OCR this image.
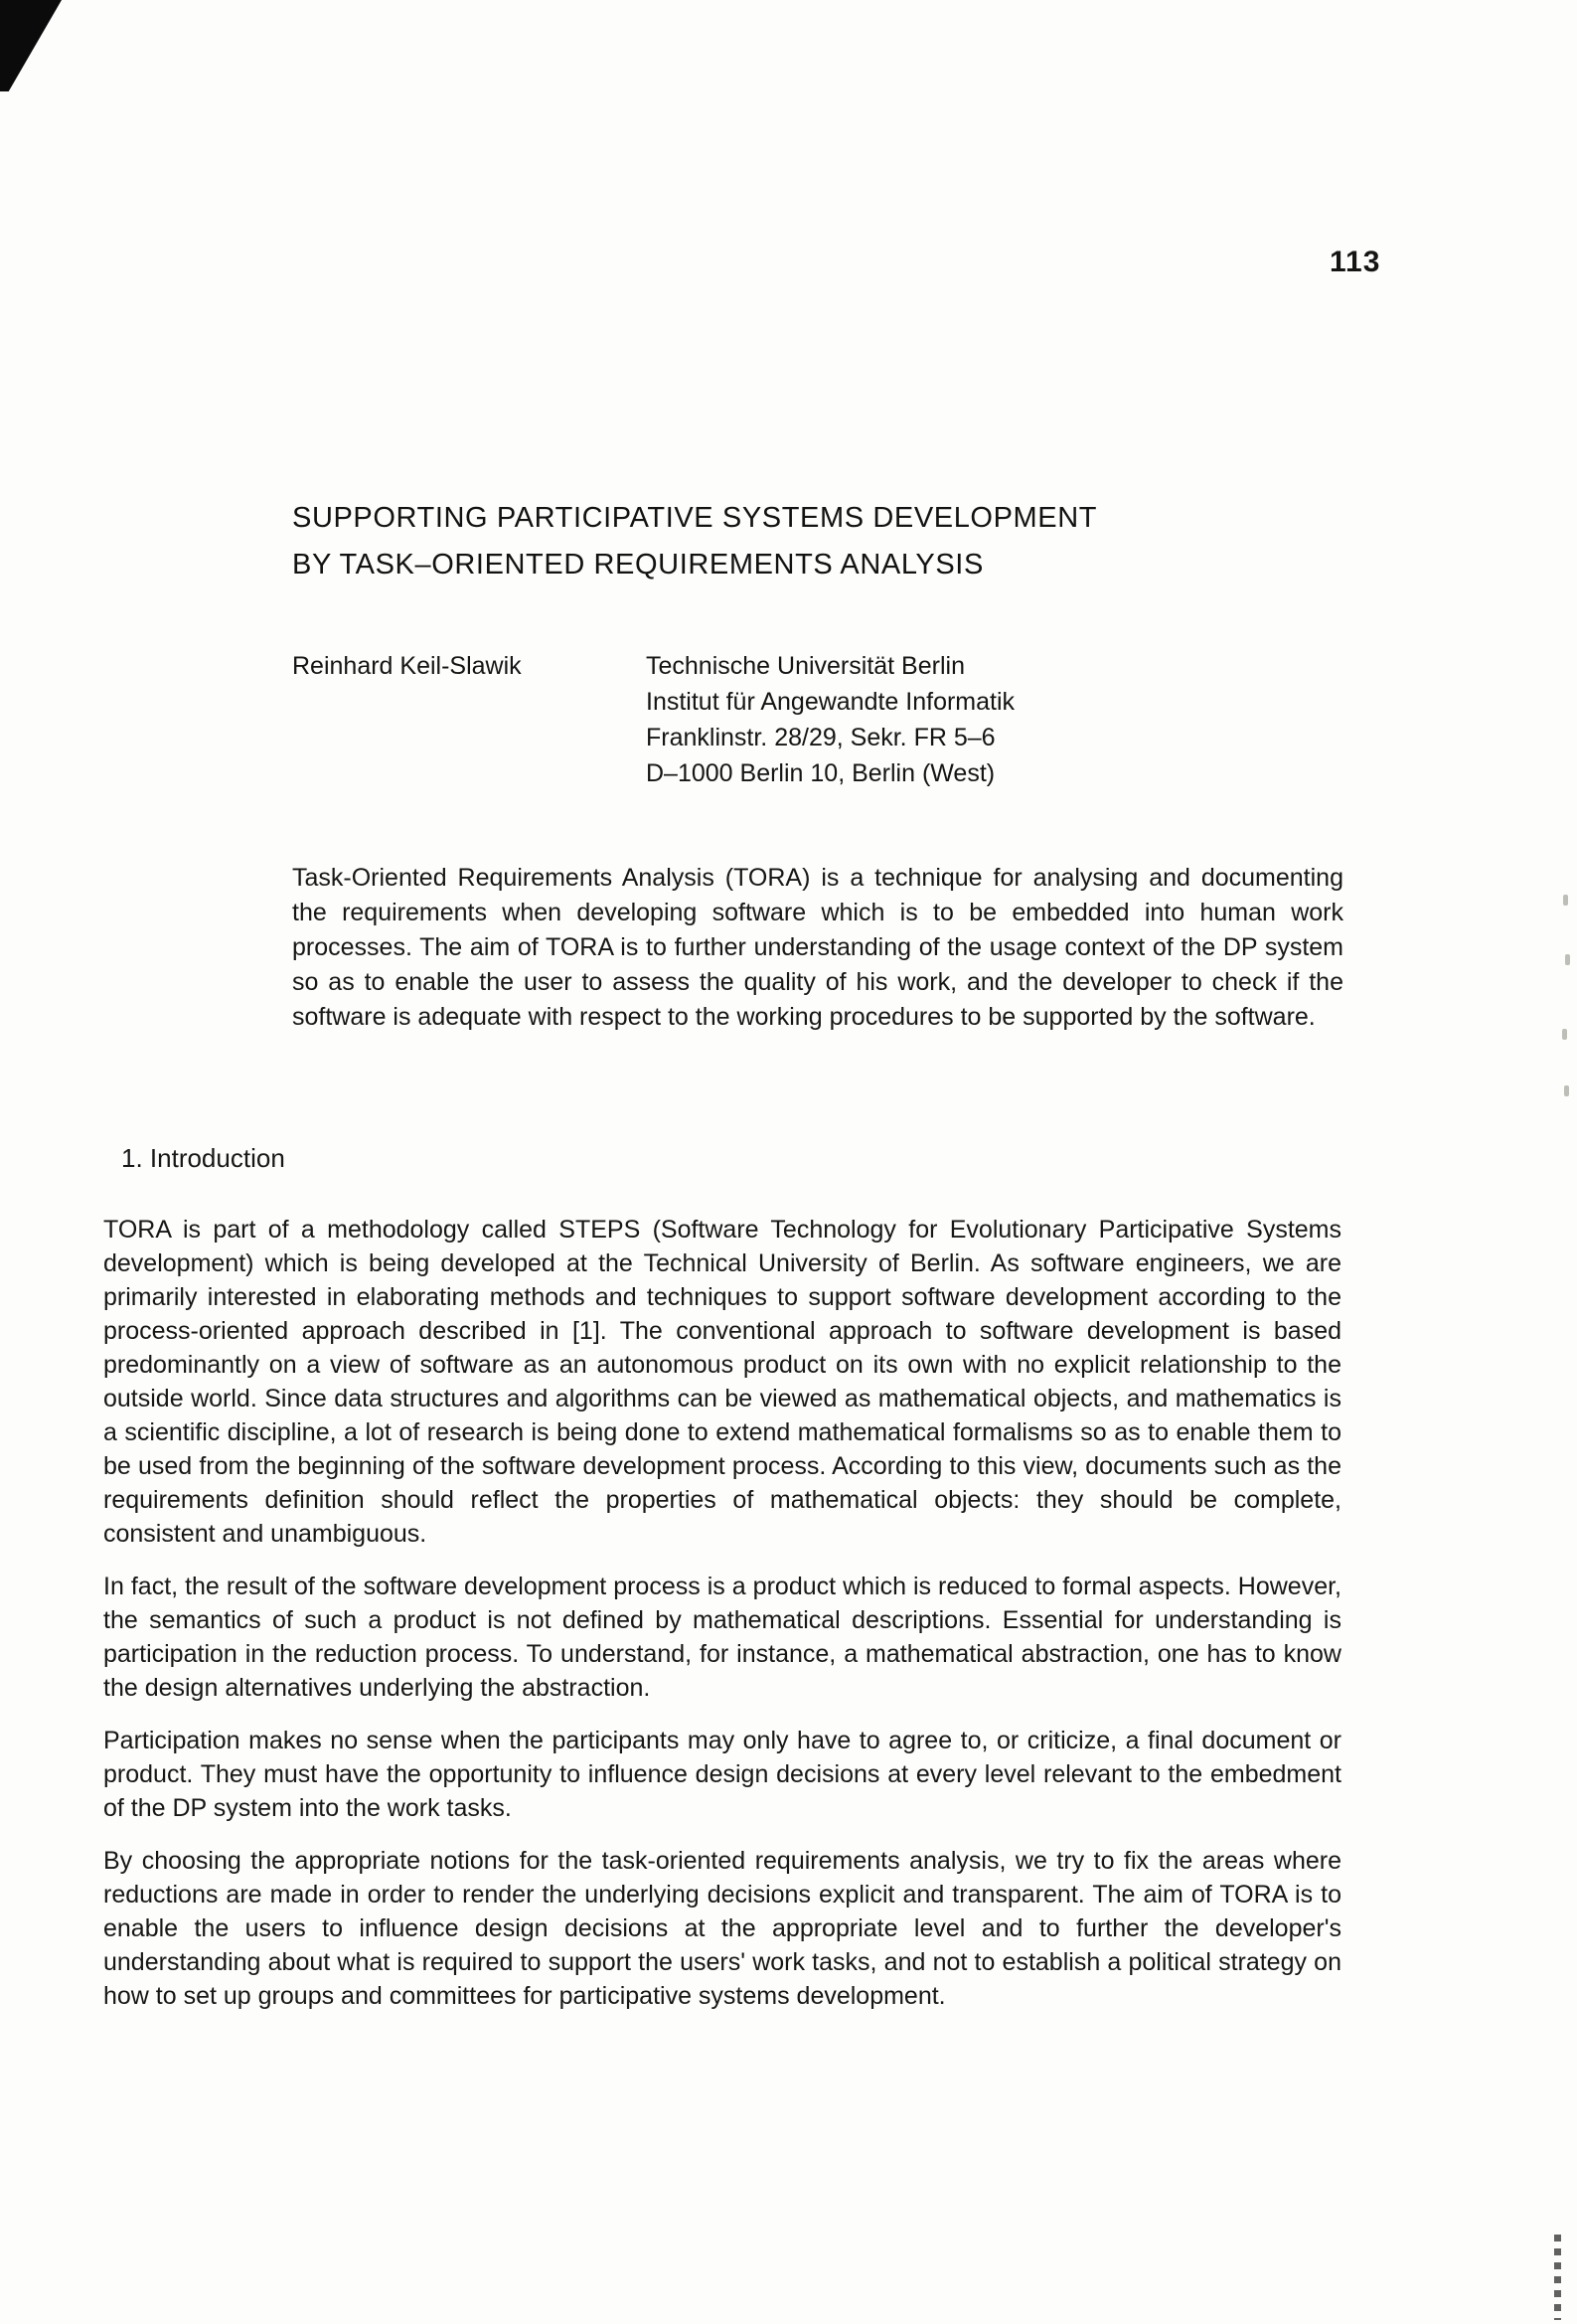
113
SUPPORTING PARTICIPATIVE SYSTEMS DEVELOPMENT
BY TASK–ORIENTED REQUIREMENTS ANALYSIS
Reinhard Keil-Slawik	Technische Universität Berlin
Institut für Angewandte Informatik
Franklinstr. 28/29, Sekr. FR 5–6
D–1000 Berlin 10, Berlin (West)
Task-Oriented Requirements Analysis (TORA) is a technique for analysing and documenting the requirements when developing software which is to be embedded into human work processes. The aim of TORA is to further understanding of the usage context of the DP system so as to enable the user to assess the quality of his work, and the developer to check if the software is adequate with respect to the working procedures to be supported by the software.
1. Introduction

TORA is part of a methodology called STEPS (Software Technology for Evolutionary Participative Systems development) which is being developed at the Technical University of Berlin. As software engineers, we are primarily interested in elaborating methods and techniques to support software development according to the process-oriented approach described in [1]. The conventional approach to software development is based predominantly on a view of software as an autonomous product on its own with no explicit relationship to the outside world. Since data structures and algorithms can be viewed as mathematical objects, and mathematics is a scientific discipline, a lot of research is being done to extend mathematical formalisms so as to enable them to be used from the beginning of the software development process. According to this view, documents such as the requirements definition should reflect the properties of mathematical objects: they should be complete, consistent and unambiguous.

In fact, the result of the software development process is a product which is reduced to formal aspects. However, the semantics of such a product is not defined by mathematical descriptions. Essential for understanding is participation in the reduction process. To understand, for instance, a mathematical abstraction, one has to know the design alternatives underlying the abstraction.

Participation makes no sense when the participants may only have to agree to, or criticize, a final document or product. They must have the opportunity to influence design decisions at every level relevant to the embedment of the DP system into the work tasks.

By choosing the appropriate notions for the task-oriented requirements analysis, we try to fix the areas where reductions are made in order to render the underlying decisions explicit and transparent. The aim of TORA is to enable the users to influence design decisions at the appropriate level and to further the developer's understanding about what is required to support the users' work tasks, and not to establish a political strategy on how to set up groups and committees for participative systems development.
